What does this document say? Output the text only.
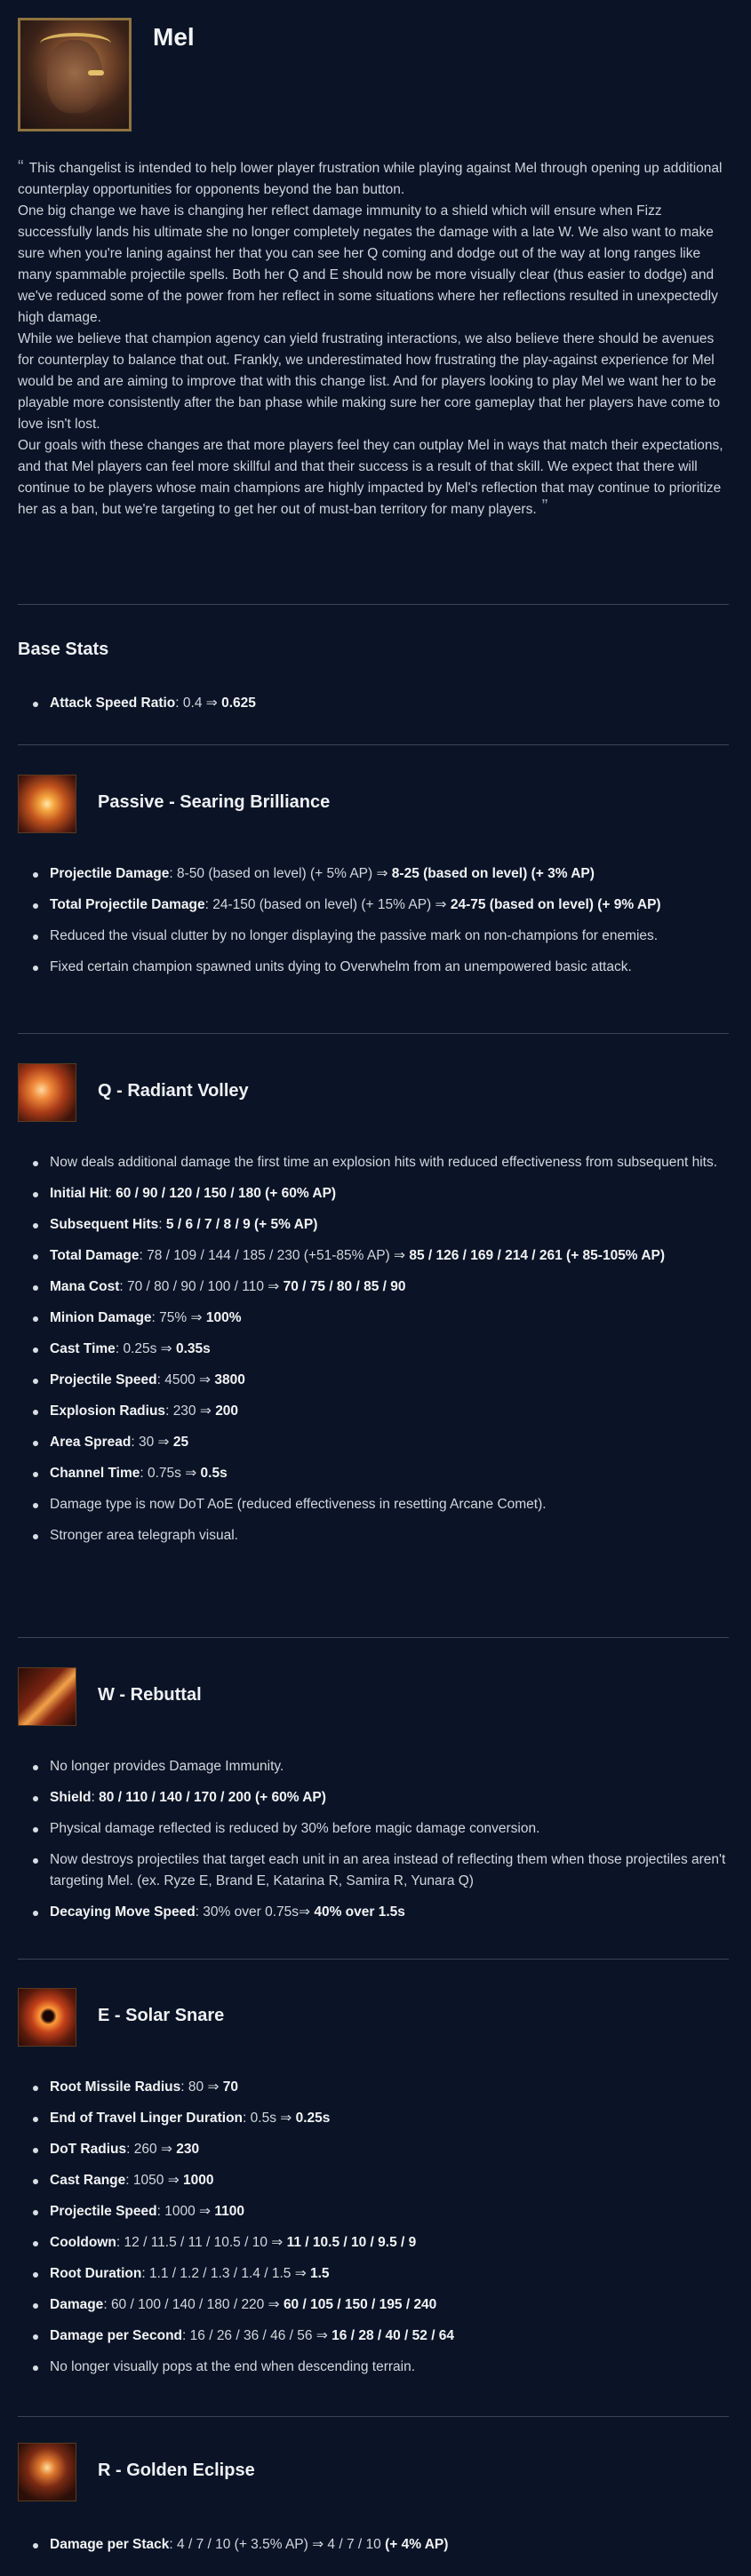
Mel

“ This changelist is intended to help lower player frustration while playing against Mel through opening up additional counterplay opportunities for opponents beyond the ban button.

One big change we have is changing her reflect damage immunity to a shield which will ensure when Fizz successfully lands his ultimate she no longer completely negates the damage with a late W. We also want to make sure when you're laning against her that you can see her Q coming and dodge out of the way at long ranges like many spammable projectile spells. Both her Q and E should now be more visually clear (thus easier to dodge) and we've reduced some of the power from her reflect in some situations where her reflections resulted in unexpectedly high damage.

While we believe that champion agency can yield frustrating interactions, we also believe there should be avenues for counterplay to balance that out. Frankly, we underestimated how frustrating the play-against experience for Mel would be and are aiming to improve that with this change list. And for players looking to play Mel we want her to be playable more consistently after the ban phase while making sure her core gameplay that her players have come to love isn't lost.

Our goals with these changes are that more players feel they can outplay Mel in ways that match their expectations, and that Mel players can feel more skillful and that their success is a result of that skill. We expect that there will continue to be players whose main champions are highly impacted by Mel's reflection that may continue to prioritize her as a ban, but we're targeting to get her out of must-ban territory for many players. ”

Base Stats
Attack Speed Ratio: 0.4 ⇒ 0.625
Passive - Searing Brilliance
Projectile Damage: 8-50 (based on level) (+ 5% AP) ⇒ 8-25 (based on level) (+ 3% AP)
Total Projectile Damage: 24-150 (based on level) (+ 15% AP) ⇒ 24-75 (based on level) (+ 9% AP)
Reduced the visual clutter by no longer displaying the passive mark on non-champions for enemies.
Fixed certain champion spawned units dying to Overwhelm from an unempowered basic attack.
Q - Radiant Volley
Now deals additional damage the first time an explosion hits with reduced effectiveness from subsequent hits.
Initial Hit: 60 / 90 / 120 / 150 / 180 (+ 60% AP)
Subsequent Hits: 5 / 6 / 7 / 8 / 9 (+ 5% AP)
Total Damage: 78 / 109 / 144 / 185 / 230 (+51-85% AP) ⇒ 85 / 126 / 169 / 214 / 261 (+ 85-105% AP)
Mana Cost: 70 / 80 / 90 / 100 / 110 ⇒ 70 / 75 / 80 / 85 / 90
Minion Damage: 75% ⇒ 100%
Cast Time: 0.25s ⇒ 0.35s
Projectile Speed: 4500 ⇒ 3800
Explosion Radius: 230 ⇒ 200
Area Spread: 30 ⇒ 25
Channel Time: 0.75s ⇒ 0.5s
Damage type is now DoT AoE (reduced effectiveness in resetting Arcane Comet).
Stronger area telegraph visual.
W - Rebuttal
No longer provides Damage Immunity.
Shield: 80 / 110 / 140 / 170 / 200 (+ 60% AP)
Physical damage reflected is reduced by 30% before magic damage conversion.
Now destroys projectiles that target each unit in an area instead of reflecting them when those projectiles aren't targeting Mel. (ex. Ryze E, Brand E, Katarina R, Samira R, Yunara Q)
Decaying Move Speed: 30% over 0.75s⇒ 40% over 1.5s
E - Solar Snare
Root Missile Radius: 80 ⇒ 70
End of Travel Linger Duration: 0.5s ⇒ 0.25s
DoT Radius: 260 ⇒ 230
Cast Range: 1050 ⇒ 1000
Projectile Speed: 1000 ⇒ 1100
Cooldown: 12 / 11.5 / 11 / 10.5 / 10 ⇒ 11 / 10.5 / 10 / 9.5 / 9
Root Duration: 1.1 / 1.2 / 1.3 / 1.4 / 1.5 ⇒ 1.5
Damage: 60 / 100 / 140 / 180 / 220 ⇒ 60 / 105 / 150 / 195 / 240
Damage per Second: 16 / 26 / 36 / 46 / 56 ⇒ 16 / 28 / 40 / 52 / 64
No longer visually pops at the end when descending terrain.
R - Golden Eclipse
Damage per Stack: 4 / 7 / 10 (+ 3.5% AP) ⇒ 4 / 7 / 10 (+ 4% AP)
